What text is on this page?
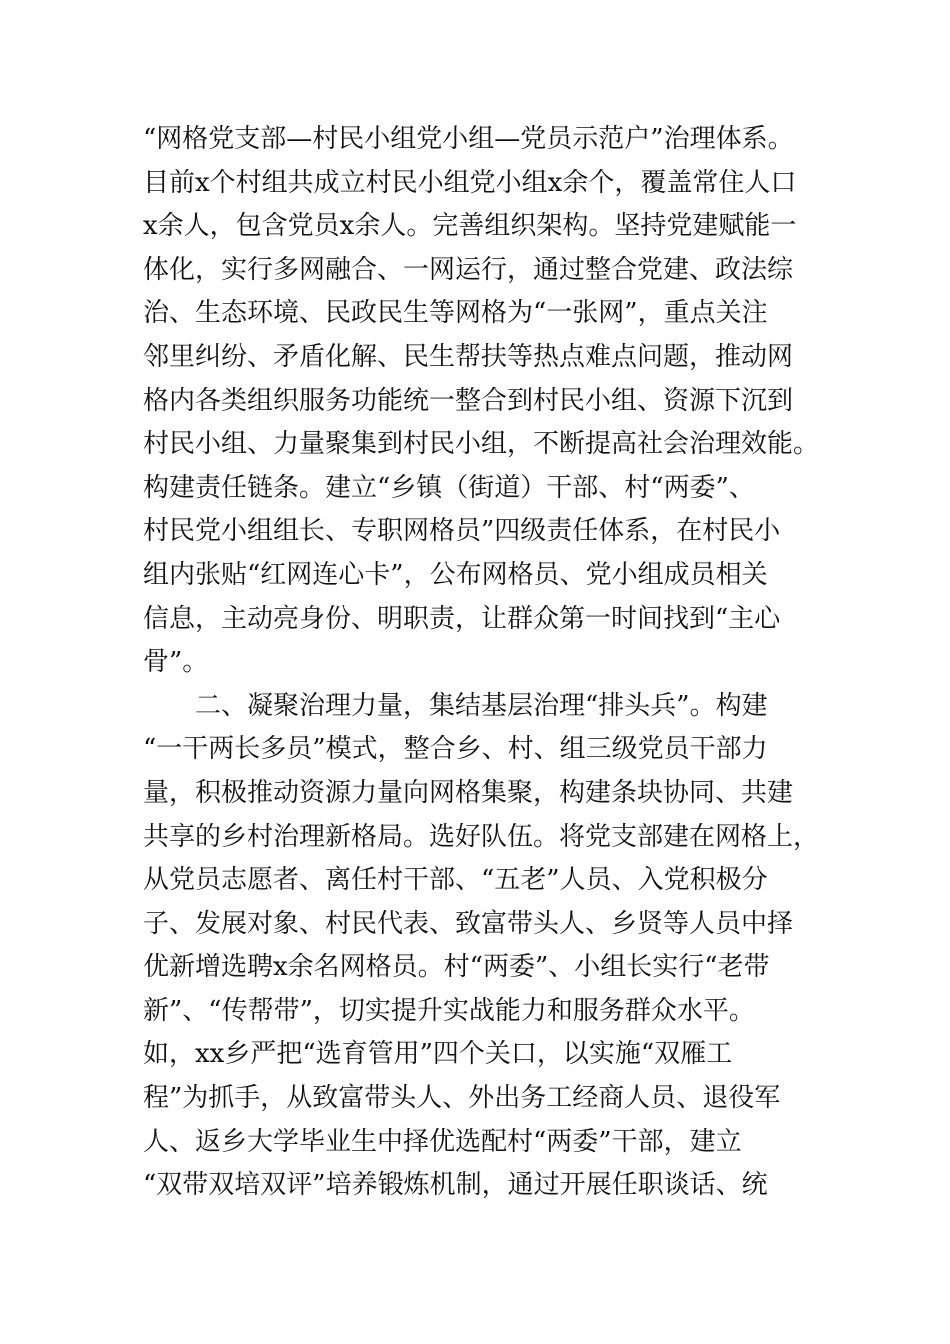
“网格党支部—村民小组党小组—党员示范户”治理体系。
目前x个村组共成立村民小组党小组x余个，覆盖常住人口
x余人，包含党员x余人。完善组织架构。坚持党建赋能一
体化，实行多网融合、一网运行，通过整合党建、政法综
治、生态环境、民政民生等网格为“一张网”，重点关注
邻里纠纷、矛盾化解、民生帮扶等热点难点问题，推动网
格内各类组织服务功能统一整合到村民小组、资源下沉到
村民小组、力量聚集到村民小组，不断提高社会治理效能。
构建责任链条。建立“乡镇（街道）干部、村“两委”、
村民党小组组长、专职网格员”四级责任体系，在村民小
组内张贴“红网连心卡”，公布网格员、党小组成员相关
信息，主动亮身份、明职责，让群众第一时间找到“主心
骨”。
二、凝聚治理力量，集结基层治理“排头兵”。构建
“一干两长多员”模式，整合乡、村、组三级党员干部力
量，积极推动资源力量向网格集聚，构建条块协同、共建
共享的乡村治理新格局。选好队伍。将党支部建在网格上，
从党员志愿者、离任村干部、“五老”人员、入党积极分
子、发展对象、村民代表、致富带头人、乡贤等人员中择
优新增选聘x余名网格员。村“两委”、小组长实行“老带
新”、“传帮带”，切实提升实战能力和服务群众水平。
如，xx乡严把“选育管用”四个关口，以实施“双雁工
程”为抓手，从致富带头人、外出务工经商人员、退役军
人、返乡大学毕业生中择优选配村“两委”干部，建立
“双带双培双评”培养锻炼机制，通过开展任职谈话、统
